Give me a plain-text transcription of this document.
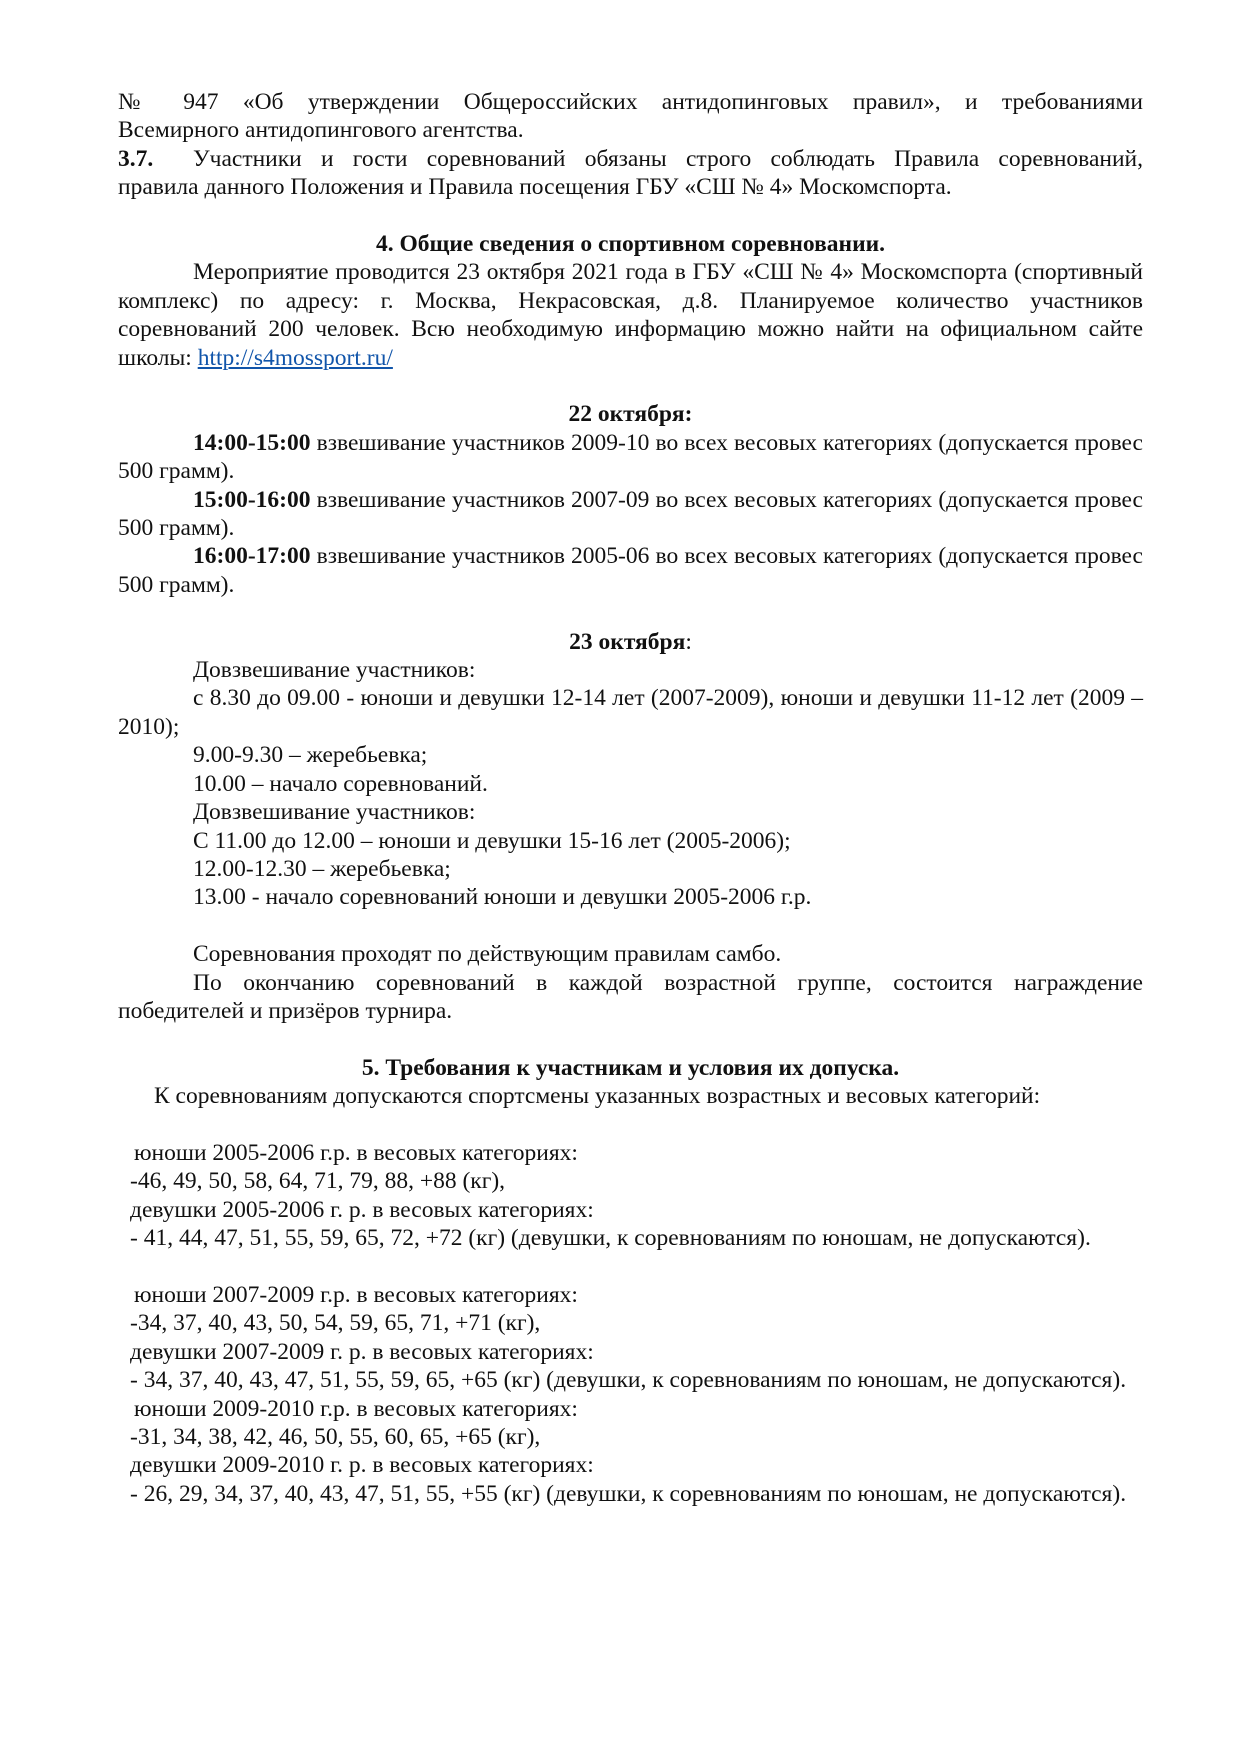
№ 947 «Об утверждении Общероссийских антидопинговых правил», и требованиями

Всемирного антидопингового агентства.

3.7. Участники и гости соревнований обязаны строго соблюдать Правила соревнований,

правила данного Положения и Правила посещения ГБУ «СШ № 4» Москомспорта.

4. Общие сведения о спортивном соревновании.

Мероприятие проводится 23 октября 2021 года в ГБУ «СШ № 4» Москомспорта (спортивный комплекс) по адресу: г. Москва, Некрасовская, д.8. Планируемое количество участников соревнований 200 человек. Всю необходимую информацию можно найти на официальном сайте школы: http://s4mossport.ru/

22 октября:

14:00-15:00 взвешивание участников 2009-10 во всех весовых категориях (допускается провес 500 грамм).

15:00-16:00 взвешивание участников 2007-09 во всех весовых категориях (допускается провес 500 грамм).

16:00-17:00 взвешивание участников 2005-06 во всех весовых категориях (допускается провес 500 грамм).

23 октября:

Довзвешивание участников:

с 8.30 до 09.00 - юноши и девушки 12-14 лет (2007-2009), юноши и девушки 11-12 лет (2009 – 2010);

9.00-9.30 – жеребьевка;

10.00 – начало соревнований.

Довзвешивание участников:

С 11.00 до 12.00 – юноши и девушки 15-16 лет (2005-2006);

12.00-12.30 – жеребьевка;

13.00 - начало соревнований юноши и девушки 2005-2006 г.р.

Соревнования проходят по действующим правилам самбо.

По окончанию соревнований в каждой возрастной группе, состоится награждение победителей и призёров турнира.

5. Требования к участникам и условия их допуска.

К соревнованиям допускаются спортсмены указанных возрастных и весовых категорий:

юноши 2005-2006 г.р. в весовых категориях:

-46, 49, 50, 58, 64, 71, 79, 88, +88 (кг),

девушки 2005-2006 г. р. в весовых категориях:

- 41, 44, 47, 51, 55, 59, 65, 72, +72 (кг) (девушки, к соревнованиям по юношам, не допускаются).

юноши 2007-2009 г.р. в весовых категориях:

-34, 37, 40, 43, 50, 54, 59, 65, 71, +71 (кг),

девушки 2007-2009 г. р. в весовых категориях:

- 34, 37, 40, 43, 47, 51, 55, 59, 65, +65 (кг) (девушки, к соревнованиям по юношам, не допускаются).

юноши 2009-2010 г.р. в весовых категориях:

-31, 34, 38, 42, 46, 50, 55, 60, 65, +65 (кг),

девушки 2009-2010 г. р. в весовых категориях:

- 26, 29, 34, 37, 40, 43, 47, 51, 55, +55 (кг) (девушки, к соревнованиям по юношам, не допускаются).
